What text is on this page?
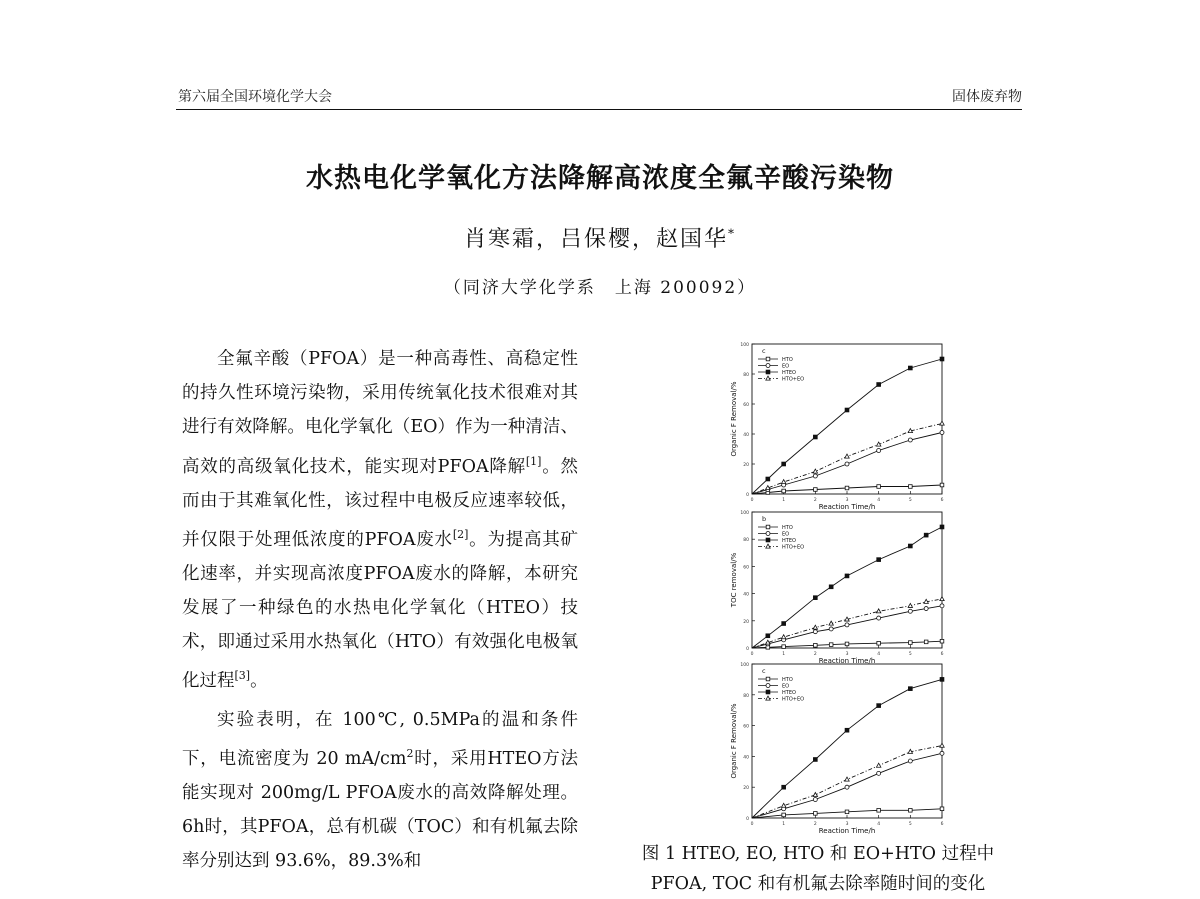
第六届全国环境化学大会	固体废弃物
水热电化学氧化方法降解高浓度全氟辛酸污染物
肖寒霜，吕保樱，赵国华*
（同济大学化学系　上海 200092）

全氟辛酸（PFOA）是一种高毒性、高稳定性的持久性环境污染物，采用传统氧化技术很难对其进行有效降解。电化学氧化（EO）作为一种清洁、高效的高级氧化技术，能实现对PFOA降解[1]。然而由于其难氧化性，该过程中电极反应速率较低，并仅限于处理低浓度的PFOA废水[2]。为提高其矿化速率，并实现高浓度PFOA废水的降解，本研究发展了一种绿色的水热电化学氧化（HTEO）技术，即通过采用水热氧化（HTO）有效强化电极氧化过程[3]。

实验表明，在 100℃, 0.5MPa的温和条件下，电流密度为 20 $mA/cm^2$时，采用HTEO方法能实现对 200mg/L PFOA废水的高效降解处理。6h时，其PFOA，总有机碳（TOC）和有机氟去除率分别达到 93.6%，89.3%和

c
0
20
40
60
80
100
0	1	2	3	4	5	6
Reaction Time/h
Organic F Removal/%
HTO
EO
HTEO
HTO+EO
b
0
20
40
60
80
100
0	1	2	3	4	5	6
Reaction Time/h
TOC removal/%
HTO
EO
HTEO
HTO+EO
c
0
20
40
60
80
100
0	1	2	3	4	5	6
Reaction Time/h
Organic F Removal/%
HTO
EO
HTEO
HTO+EO
图 1 HTEO, EO, HTO 和 EO+HTO 过程中
PFOA, TOC 和有机氟去除率随时间的变化
